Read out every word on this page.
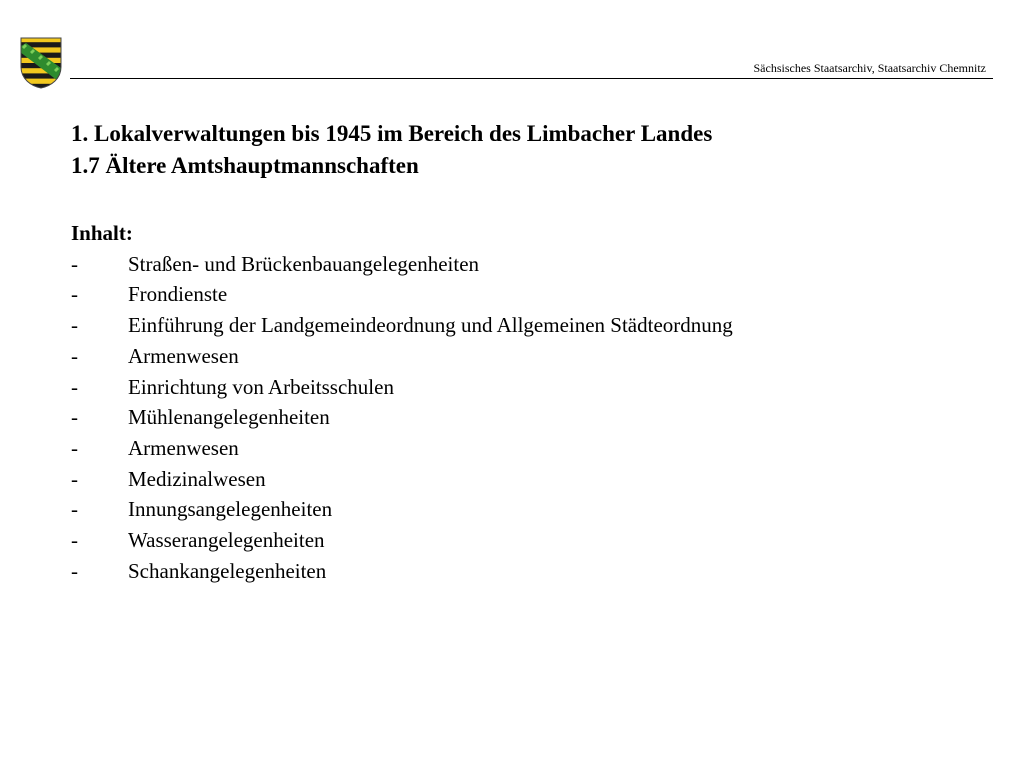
Sächsisches Staatsarchiv, Staatsarchiv Chemnitz
1. Lokalverwaltungen bis 1945 im Bereich des Limbacher Landes
1.7 Ältere Amtshauptmannschaften
Inhalt:
-	Straßen- und Brückenbauangelegenheiten
-	Frondienste
-	Einführung der Landgemeindeordnung und Allgemeinen Städteordnung
-	Armenwesen
-	Einrichtung von Arbeitsschulen
-	Mühlenangelegenheiten
-	Armenwesen
-	Medizinalwesen
-	Innungsangelegenheiten
-	Wasserangelegenheiten
-	Schankangelegenheiten
